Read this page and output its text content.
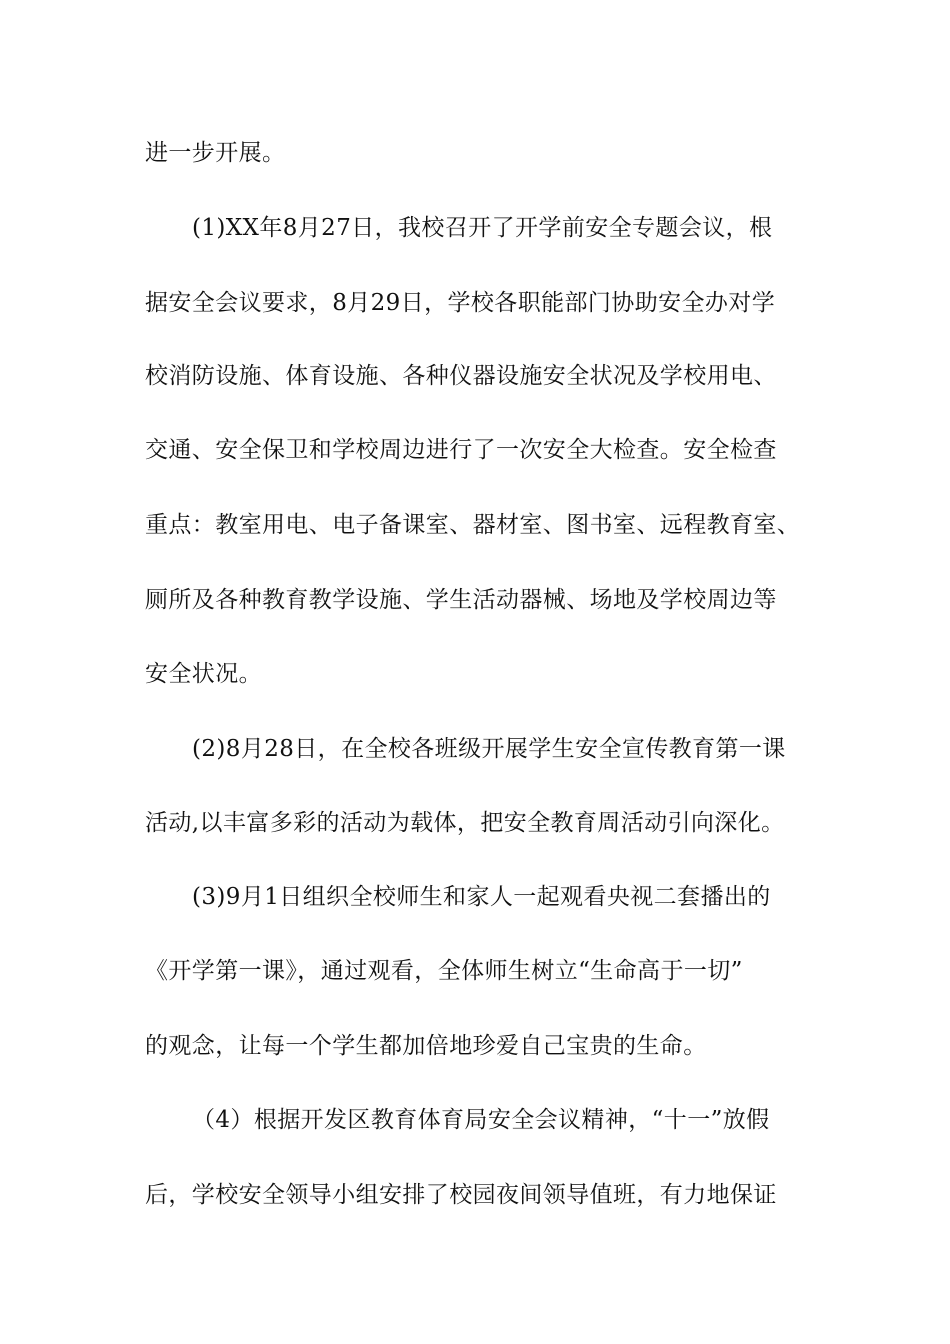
进一步开展。
(1)XX年8月27日，我校召开了开学前安全专题会议，根
据安全会议要求，8月29日，学校各职能部门协助安全办对学
校消防设施、体育设施、各种仪器设施安全状况及学校用电、
交通、安全保卫和学校周边进行了一次安全大检查。安全检查
重点：教室用电、电子备课室、器材室、图书室、远程教育室、
厕所及各种教育教学设施、学生活动器械、场地及学校周边等
安全状况。
(2)8月28日，在全校各班级开展学生安全宣传教育第一课
活动,以丰富多彩的活动为载体，把安全教育周活动引向深化。
(3)9月1日组织全校师生和家人一起观看央视二套播出的
《开学第一课》，通过观看，全体师生树立“生命高于一切”
的观念，让每一个学生都加倍地珍爱自己宝贵的生命。
（4）根据开发区教育体育局安全会议精神，“十一”放假
后，学校安全领导小组安排了校园夜间领导值班，有力地保证
